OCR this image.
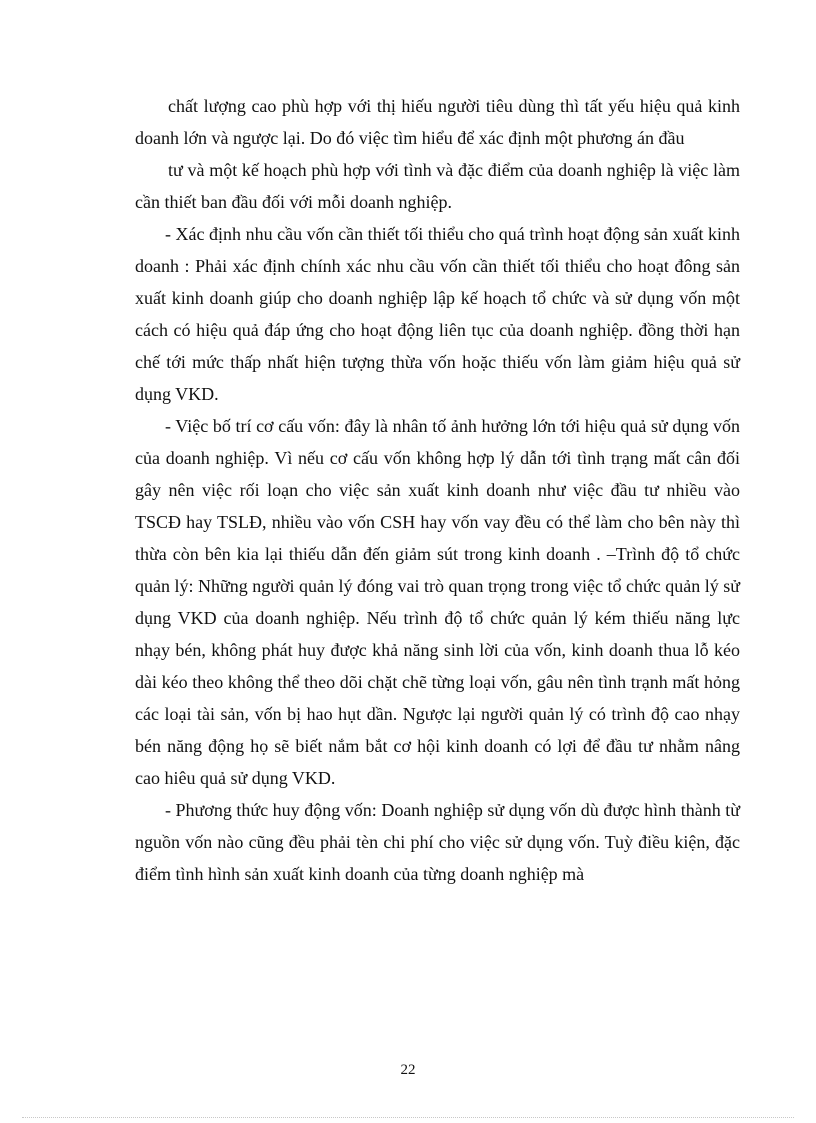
chất lượng cao phù hợp với thị hiếu người tiêu dùng thì tất yếu hiệu quả kinh doanh lớn và ngược lại. Do đó việc tìm hiểu để xác định một phương án đầu

tư và một kế hoạch phù hợp với tình và đặc điểm của doanh nghiệp là việc làm cần thiết ban đầu đối với mỗi doanh nghiệp.

- Xác định nhu cầu vốn cần thiết tối thiểu cho quá trình hoạt động sản xuất kinh doanh : Phải xác định chính xác nhu cầu vốn cần thiết tối thiểu cho hoạt đông sản xuất kinh doanh giúp cho doanh nghiệp lập kế hoạch tổ chức và sử dụng vốn một cách có hiệu quả đáp ứng cho hoạt động liên tục của doanh nghiệp. đồng thời hạn chế tới mức thấp nhất hiện tượng thừa vốn hoặc thiếu vốn làm giảm hiệu quả sử dụng VKD.

- Việc bố trí cơ cấu vốn: đây là nhân tố ảnh hưởng lớn tới hiệu quả sử dụng vốn của doanh nghiệp. Vì nếu cơ cấu vốn không hợp lý dẫn tới tình trạng mất cân đối gây nên việc rối loạn cho việc sản xuất kinh doanh như việc đầu tư nhiều vào TSCĐ hay TSLĐ, nhiều vào vốn CSH hay vốn vay đều có thể làm cho bên này thì thừa còn bên kia lại thiếu dẫn đến giảm sút trong kinh doanh . –Trình độ tổ chức quản lý: Những người quản lý đóng vai trò quan trọng trong việc tổ chức quản lý sử dụng VKD của doanh nghiệp. Nếu trình độ tổ chức quản lý kém thiếu năng lực nhạy bén, không phát huy được khả năng sinh lời của vốn, kinh doanh thua lỗ kéo dài kéo theo không thể theo dõi chặt chẽ từng loại vốn, gâu nên tình trạnh mất hỏng các loại tài sản, vốn bị hao hụt dần. Ngược lại người quản lý có trình độ cao nhạy bén năng động họ sẽ biết nắm bắt cơ hội kinh doanh có lợi để đầu tư nhằm nâng cao hiêu quả sử dụng VKD.

- Phương thức huy động vốn: Doanh nghiệp sử dụng vốn dù được hình thành từ nguồn vốn nào cũng đều phải tèn chi phí cho việc sử dụng vốn. Tuỳ điều kiện, đặc điểm tình hình sản xuất kinh doanh của từng doanh nghiệp mà

22
